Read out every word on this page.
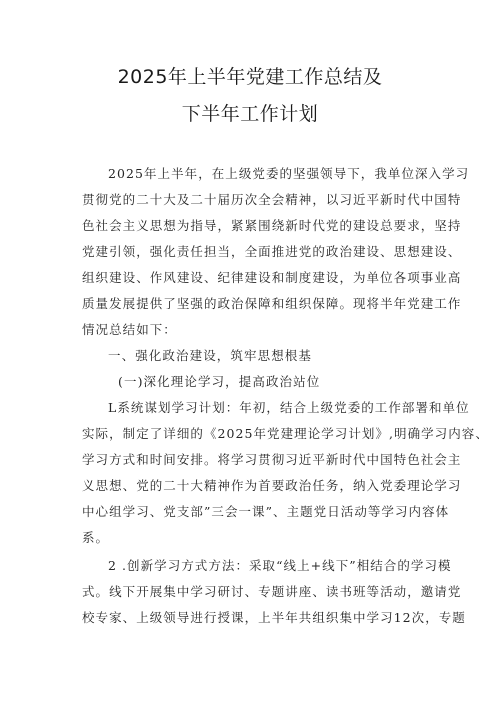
2025年上半年党建工作总结及
下半年工作计划
2025年上半年，在上级党委的坚强领导下，我单位深入学习
贯彻党的二十大及二十届历次全会精神，以习近平新时代中国特
色社会主义思想为指导，紧紧围绕新时代党的建设总要求，坚持
党建引领，强化责任担当，全面推进党的政治建设、思想建设、
组织建设、作风建设、纪律建设和制度建设，为单位各项事业高
质量发展提供了坚强的政治保障和组织保障。现将半年党建工作
情况总结如下：
一、强化政治建设，筑牢思想根基
(一)深化理论学习，提高政治站位
L系统谋划学习计划：年初，结合上级党委的工作部署和单位
实际，制定了详细的《2025年党建理论学习计划》,明确学习内容、
学习方式和时间安排。将学习贯彻习近平新时代中国特色社会主
义思想、党的二十大精神作为首要政治任务，纳入党委理论学习
中心组学习、党支部”三会一课”、主题党日活动等学习内容体
系。
2 .创新学习方式方法：采取“线上+线下”相结合的学习模
式。线下开展集中学习研讨、专题讲座、读书班等活动，邀请党
校专家、上级领导进行授课，上半年共组织集中学习12次，专题
